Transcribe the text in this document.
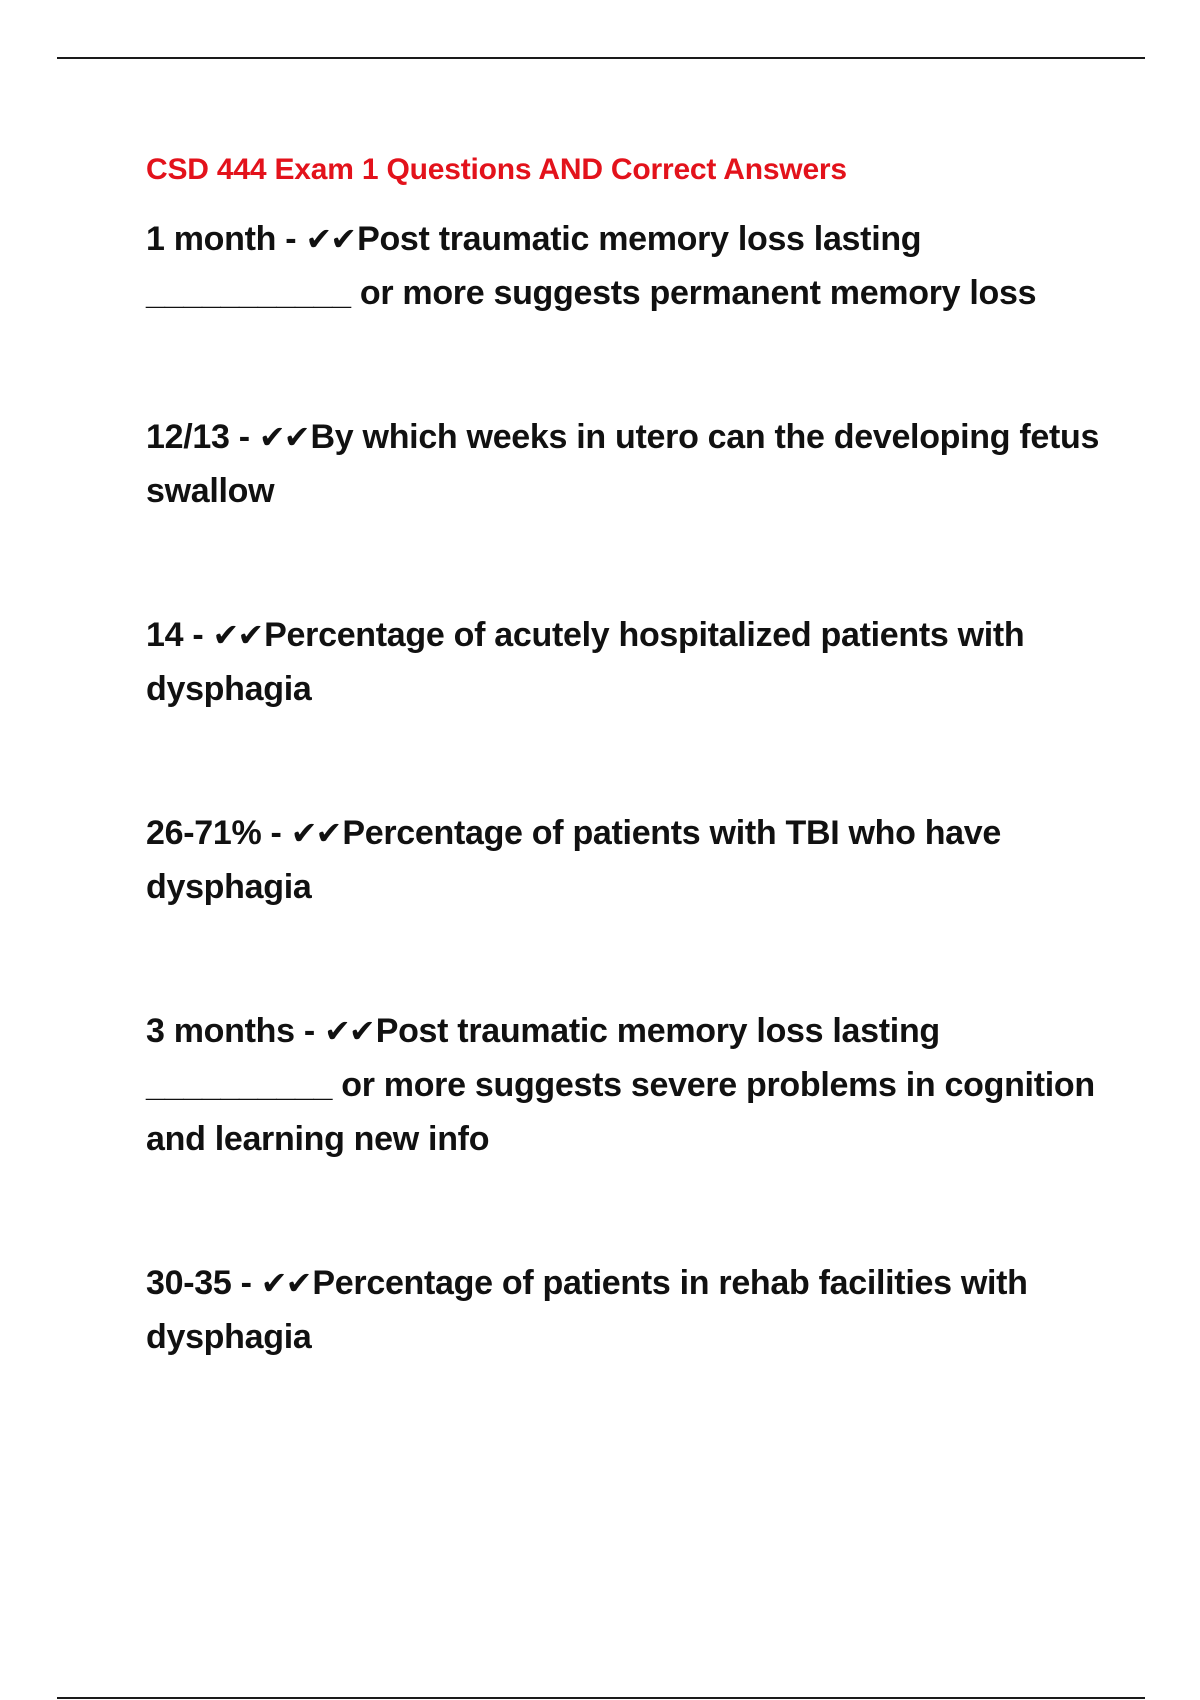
CSD 444 Exam 1 Questions AND Correct Answers

1 month - ✔✔Post traumatic memory loss lasting ___________ or more suggests permanent memory loss

12/13 - ✔✔By which weeks in utero can the developing fetus swallow

14 - ✔✔Percentage of acutely hospitalized patients with dysphagia

26-71% - ✔✔Percentage of patients with TBI who have dysphagia

3 months - ✔✔Post traumatic memory loss lasting __________ or more suggests severe problems in cognition and learning new info

30-35 - ✔✔Percentage of patients in rehab facilities with dysphagia
